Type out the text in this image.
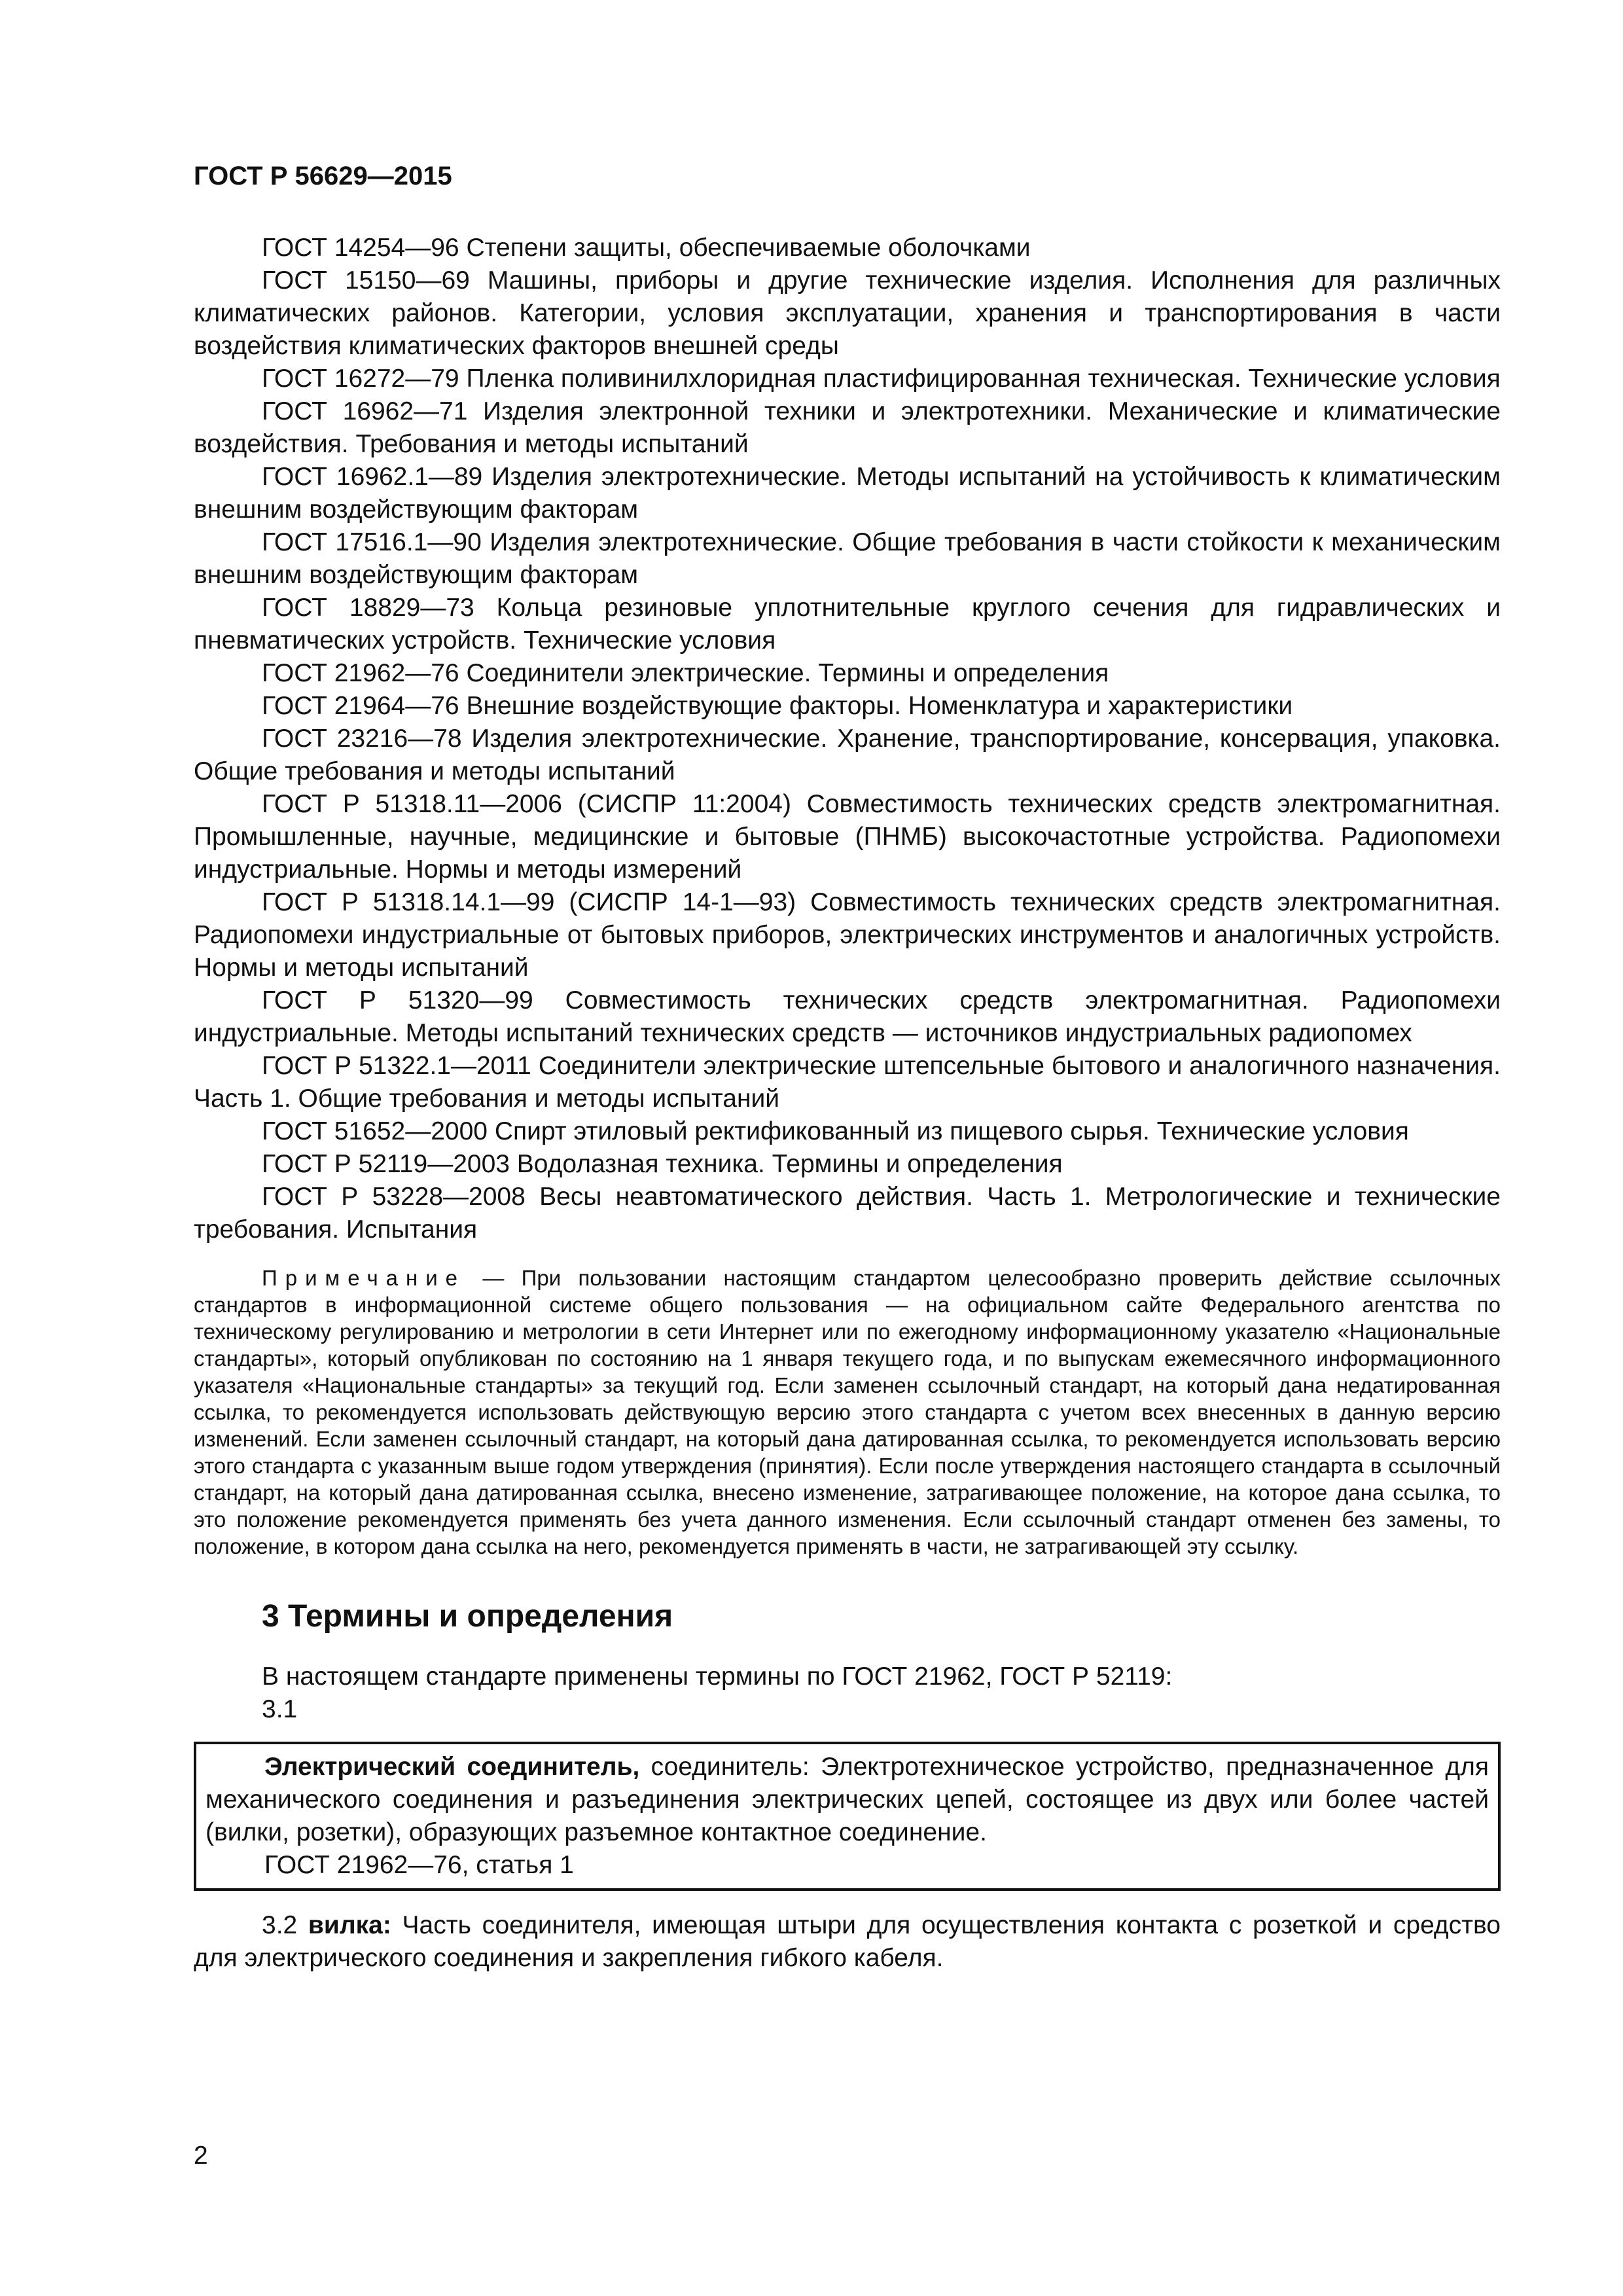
ГОСТ Р 56629—2015

ГОСТ 14254—96 Степени защиты, обеспечиваемые оболочками

ГОСТ 15150—69 Машины, приборы и другие технические изделия. Исполнения для различных климатических районов. Категории, условия эксплуатации, хранения и транспортирования в части воздействия климатических факторов внешней среды

ГОСТ 16272—79 Пленка поливинилхлоридная пластифицированная техническая. Технические условия

ГОСТ 16962—71 Изделия электронной техники и электротехники. Механические и климатические воздействия. Требования и методы испытаний

ГОСТ 16962.1—89 Изделия электротехнические. Методы испытаний на устойчивость к климатическим внешним воздействующим факторам

ГОСТ 17516.1—90 Изделия электротехнические. Общие требования в части стойкости к механическим внешним воздействующим факторам

ГОСТ 18829—73 Кольца резиновые уплотнительные круглого сечения для гидравлических и пневматических устройств. Технические условия

ГОСТ 21962—76 Соединители электрические. Термины и определения

ГОСТ 21964—76 Внешние воздействующие факторы. Номенклатура и характеристики

ГОСТ 23216—78 Изделия электротехнические. Хранение, транспортирование, консервация, упаковка. Общие требования и методы испытаний

ГОСТ Р 51318.11—2006 (СИСПР 11:2004) Совместимость технических средств электромагнитная. Промышленные, научные, медицинские и бытовые (ПНМБ) высокочастотные устройства. Радиопомехи индустриальные. Нормы и методы измерений

ГОСТ Р 51318.14.1—99 (СИСПР 14-1—93) Совместимость технических средств электромагнитная. Радиопомехи индустриальные от бытовых приборов, электрических инструментов и аналогичных устройств. Нормы и методы испытаний

ГОСТ Р 51320—99 Совместимость технических средств электромагнитная. Радиопомехи индустриальные. Методы испытаний технических средств — источников индустриальных радиопомех

ГОСТ Р 51322.1—2011 Соединители электрические штепсельные бытового и аналогичного назначения. Часть 1. Общие требования и методы испытаний

ГОСТ 51652—2000 Спирт этиловый ректификованный из пищевого сырья. Технические условия

ГОСТ Р 52119—2003 Водолазная техника. Термины и определения

ГОСТ Р 53228—2008 Весы неавтоматического действия. Часть 1. Метрологические и технические требования. Испытания

Примечание — При пользовании настоящим стандартом целесообразно проверить действие ссылочных стандартов в информационной системе общего пользования — на официальном сайте Федерального агентства по техническому регулированию и метрологии в сети Интернет или по ежегодному информационному указателю «Национальные стандарты», который опубликован по состоянию на 1 января текущего года, и по выпускам ежемесячного информационного указателя «Национальные стандарты» за текущий год. Если заменен ссылочный стандарт, на который дана недатированная ссылка, то рекомендуется использовать действующую версию этого стандарта с учетом всех внесенных в данную версию изменений. Если заменен ссылочный стандарт, на который дана датированная ссылка, то рекомендуется использовать версию этого стандарта с указанным выше годом утверждения (принятия). Если после утверждения настоящего стандарта в ссылочный стандарт, на который дана датированная ссылка, внесено изменение, затрагивающее положение, на которое дана ссылка, то это положение рекомендуется применять без учета данного изменения. Если ссылочный стандарт отменен без замены, то положение, в котором дана ссылка на него, рекомендуется применять в части, не затрагивающей эту ссылку.

3 Термины и определения
В настоящем стандарте применены термины по ГОСТ 21962, ГОСТ Р 52119:
3.1

Электрический соединитель, соединитель: Электротехническое устройство, предназначенное для механического соединения и разъединения электрических цепей, состоящее из двух или более частей (вилки, розетки), образующих разъемное контактное соединение.

ГОСТ 21962—76, статья 1

3.2 вилка: Часть соединителя, имеющая штыри для осуществления контакта с розеткой и средство для электрического соединения и закрепления гибкого кабеля.

2
